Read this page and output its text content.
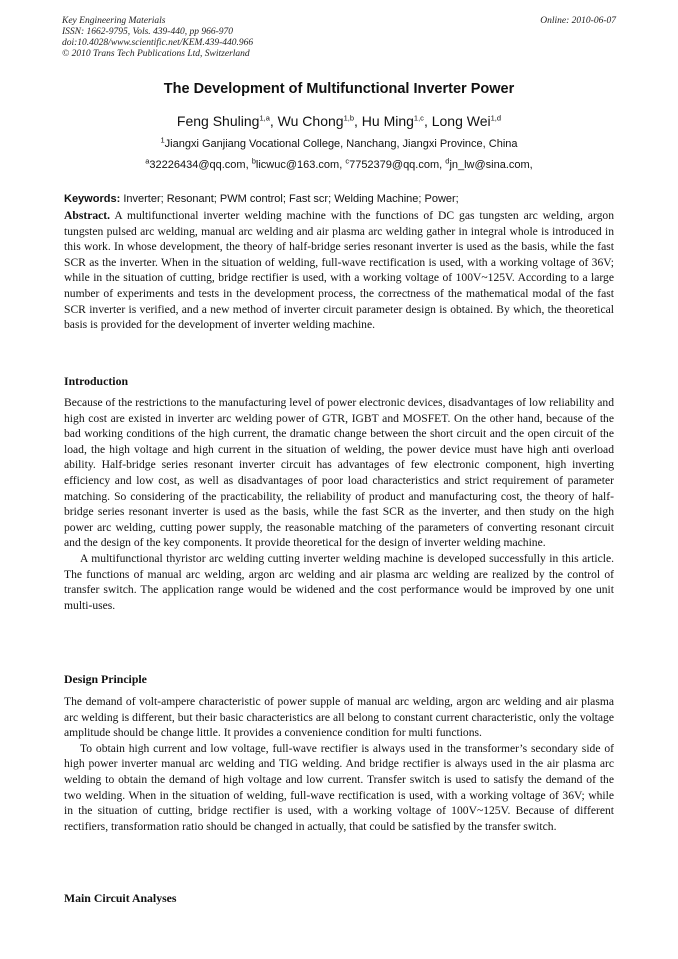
Key Engineering Materials
ISSN: 1662-9795, Vols. 439-440, pp 966-970
doi:10.4028/www.scientific.net/KEM.439-440.966
© 2010 Trans Tech Publications Ltd, Switzerland
Online: 2010-06-07
The Development of Multifunctional Inverter Power
Feng Shuling$^{1,a}$, Wu Chong$^{1,b}$, Hu Ming$^{1,c}$, Long Wei$^{1,d}$
$^1$Jiangxi Ganjiang Vocational College, Nanchang, Jiangxi Province, China
$^a$32226434@qq.com, $^b$licwuc@163.com, $^c$7752379@qq.com, $^d$jn_lw@sina.com,
Keywords: Inverter; Resonant; PWM control; Fast scr; Welding Machine; Power;

Abstract. A multifunctional inverter welding machine with the functions of DC gas tungsten arc welding, argon tungsten pulsed arc welding, manual arc welding and air plasma arc welding gather in integral whole is introduced in this work. In whose development, the theory of half-bridge series resonant inverter is used as the basis, while the fast SCR as the inverter. When in the situation of welding, full-wave rectification is used, with a working voltage of 36V; while in the situation of cutting, bridge rectifier is used, with a working voltage of 100V~125V. According to a large number of experiments and tests in the development process, the correctness of the mathematical modal of the fast SCR inverter is verified, and a new method of inverter circuit parameter design is obtained. By which, the theoretical basis is provided for the development of inverter welding machine.

Introduction

Because of the restrictions to the manufacturing level of power electronic devices, disadvantages of low reliability and high cost are existed in inverter arc welding power of GTR, IGBT and MOSFET. On the other hand, because of the bad working conditions of the high current, the dramatic change between the short circuit and the open circuit of the load, the high voltage and high current in the situation of welding, the power device must have high anti overload ability. Half-bridge series resonant inverter circuit has advantages of few electronic component, high inverting efficiency and low cost, as well as disadvantages of poor load characteristics and strict requirement of parameter matching. So considering of the practicability, the reliability of product and manufacturing cost, the theory of half-bridge series resonant inverter is used as the basis, while the fast SCR as the inverter, and then study on the high power arc welding, cutting power supply, the reasonable matching of the parameters of converting resonant circuit and the design of the key components. It provide theoretical for the design of inverter welding machine.

A multifunctional thyristor arc welding cutting inverter welding machine is developed successfully in this article. The functions of manual arc welding, argon arc welding and air plasma arc welding are realized by the control of transfer switch. The application range would be widened and the cost performance would be improved by one unit multi-uses.

Design Principle

The demand of volt-ampere characteristic of power supple of manual arc welding, argon arc welding and air plasma arc welding is different, but their basic characteristics are all belong to constant current characteristic, only the voltage amplitude should be change little. It provides a convenience condition for multi functions.

To obtain high current and low voltage, full-wave rectifier is always used in the transformer’s secondary side of high power inverter manual arc welding and TIG welding. And bridge rectifier is always used in the air plasma arc welding to obtain the demand of high voltage and low current. Transfer switch is used to satisfy the demand of the two welding. When in the situation of welding, full-wave rectification is used, with a working voltage of 36V; while in the situation of cutting, bridge rectifier is used, with a working voltage of 100V~125V. Because of different rectifiers, transformation ratio should be changed in actually, that could be satisfied by the transfer switch.

Main Circuit Analyses
